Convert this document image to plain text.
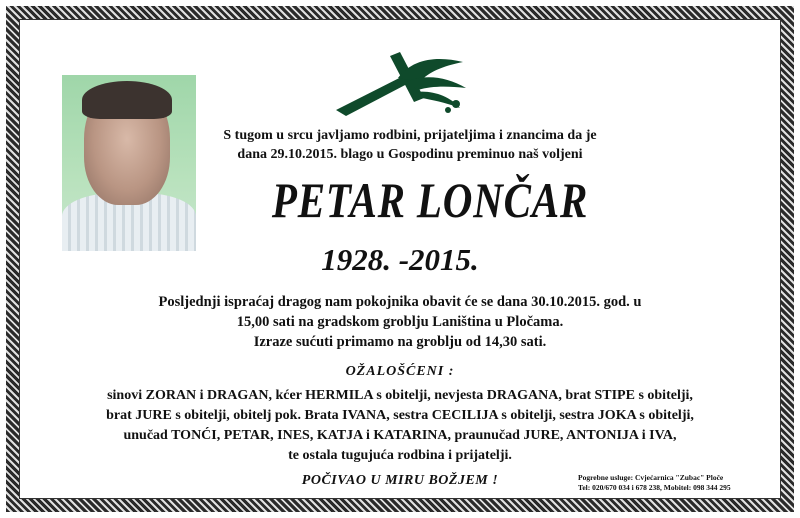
S tugom u srcu javljamo rodbini, prijateljima i znancima da je
dana 29.10.2015. blago u Gospodinu preminuo naš voljeni
PETAR LONČAR
1928. -2015.
Posljednji ispraćaj dragog nam pokojnika obavit će se dana 30.10.2015. god. u
15,00 sati na gradskom groblju Laniština u Pločama.
Izraze sućuti primamo na groblju od 14,30 sati.
OŽALOŠĆENI :
sinovi ZORAN i DRAGAN, kćer HERMILA s obitelji, nevjesta DRAGANA, brat STIPE s obitelji,
brat JURE s obitelji, obitelj pok. Brata IVANA, sestra CECILIJA s obitelji, sestra JOKA s obitelji,
unučad TONĆI, PETAR, INES, KATJA i KATARINA, praunučad JURE, ANTONIJA i IVA,
te ostala tugujuća rodbina i prijatelji.
POČIVAO U MIRU BOŽJEM !	Pogrebne usluge: Cvjećarnica "Zubac" Ploče
Tel: 020/670 034 i 678 238, Mobitel: 098 344 295
